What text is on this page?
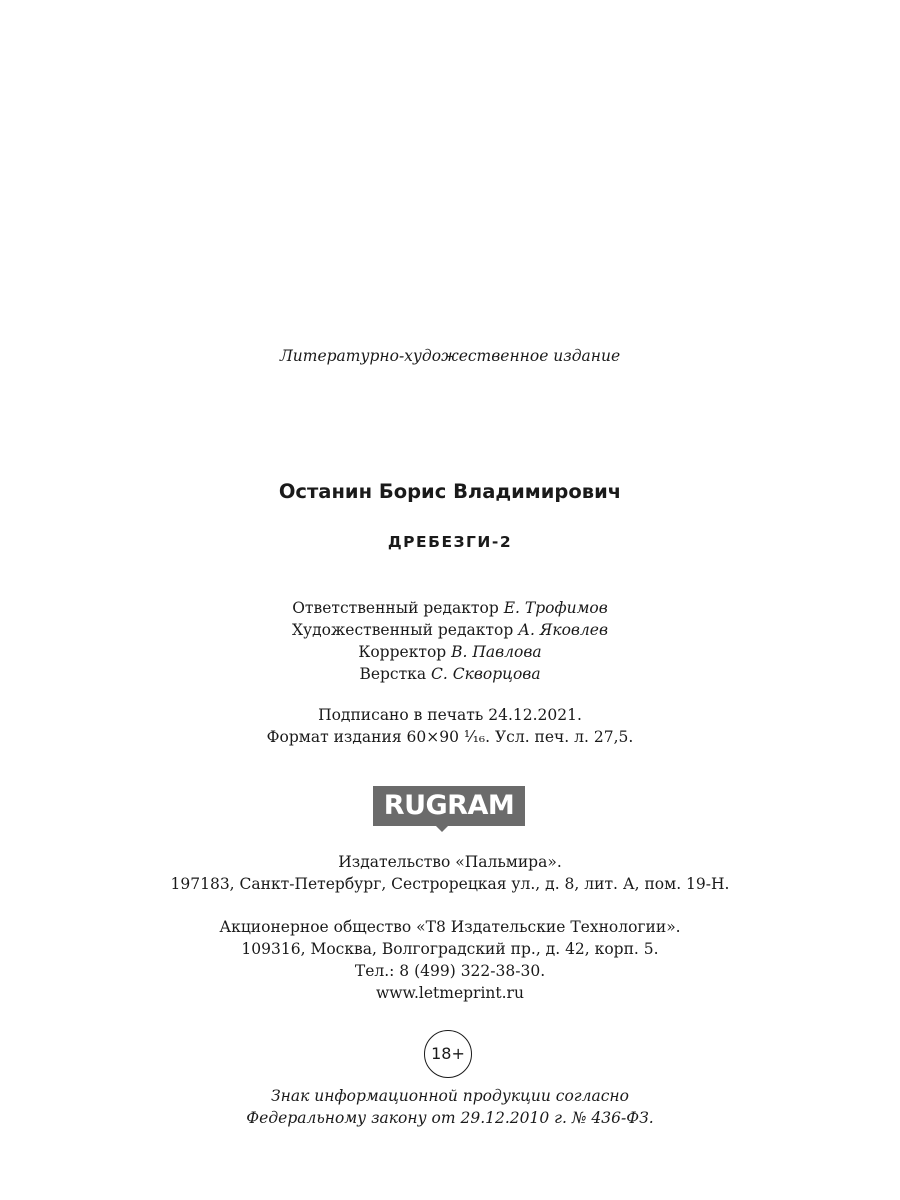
Литературно-художественное издание
Останин Борис Владимирович
ДРЕБЕЗГИ-2
Ответственный редактор Е. Трофимов
Художественный редактор А. Яковлев
Корректор В. Павлова
Верстка С. Скворцова
Подписано в печать 24.12.2021.
Формат издания 60×90 ¹⁄₁₆. Усл. печ. л. 27,5.
RUGRAM
Издательство «Пальмира».
197183, Санкт-Петербург, Сестрорецкая ул., д. 8, лит. А, пом. 19-Н.
Акционерное общество «Т8 Издательские Технологии».
109316, Москва, Волгоградский пр., д. 42, корп. 5.
Тел.: 8 (499) 322-38-30.
www.letmeprint.ru
18+
Знак информационной продукции согласно
Федеральному закону от 29.12.2010 г. № 436-ФЗ.
